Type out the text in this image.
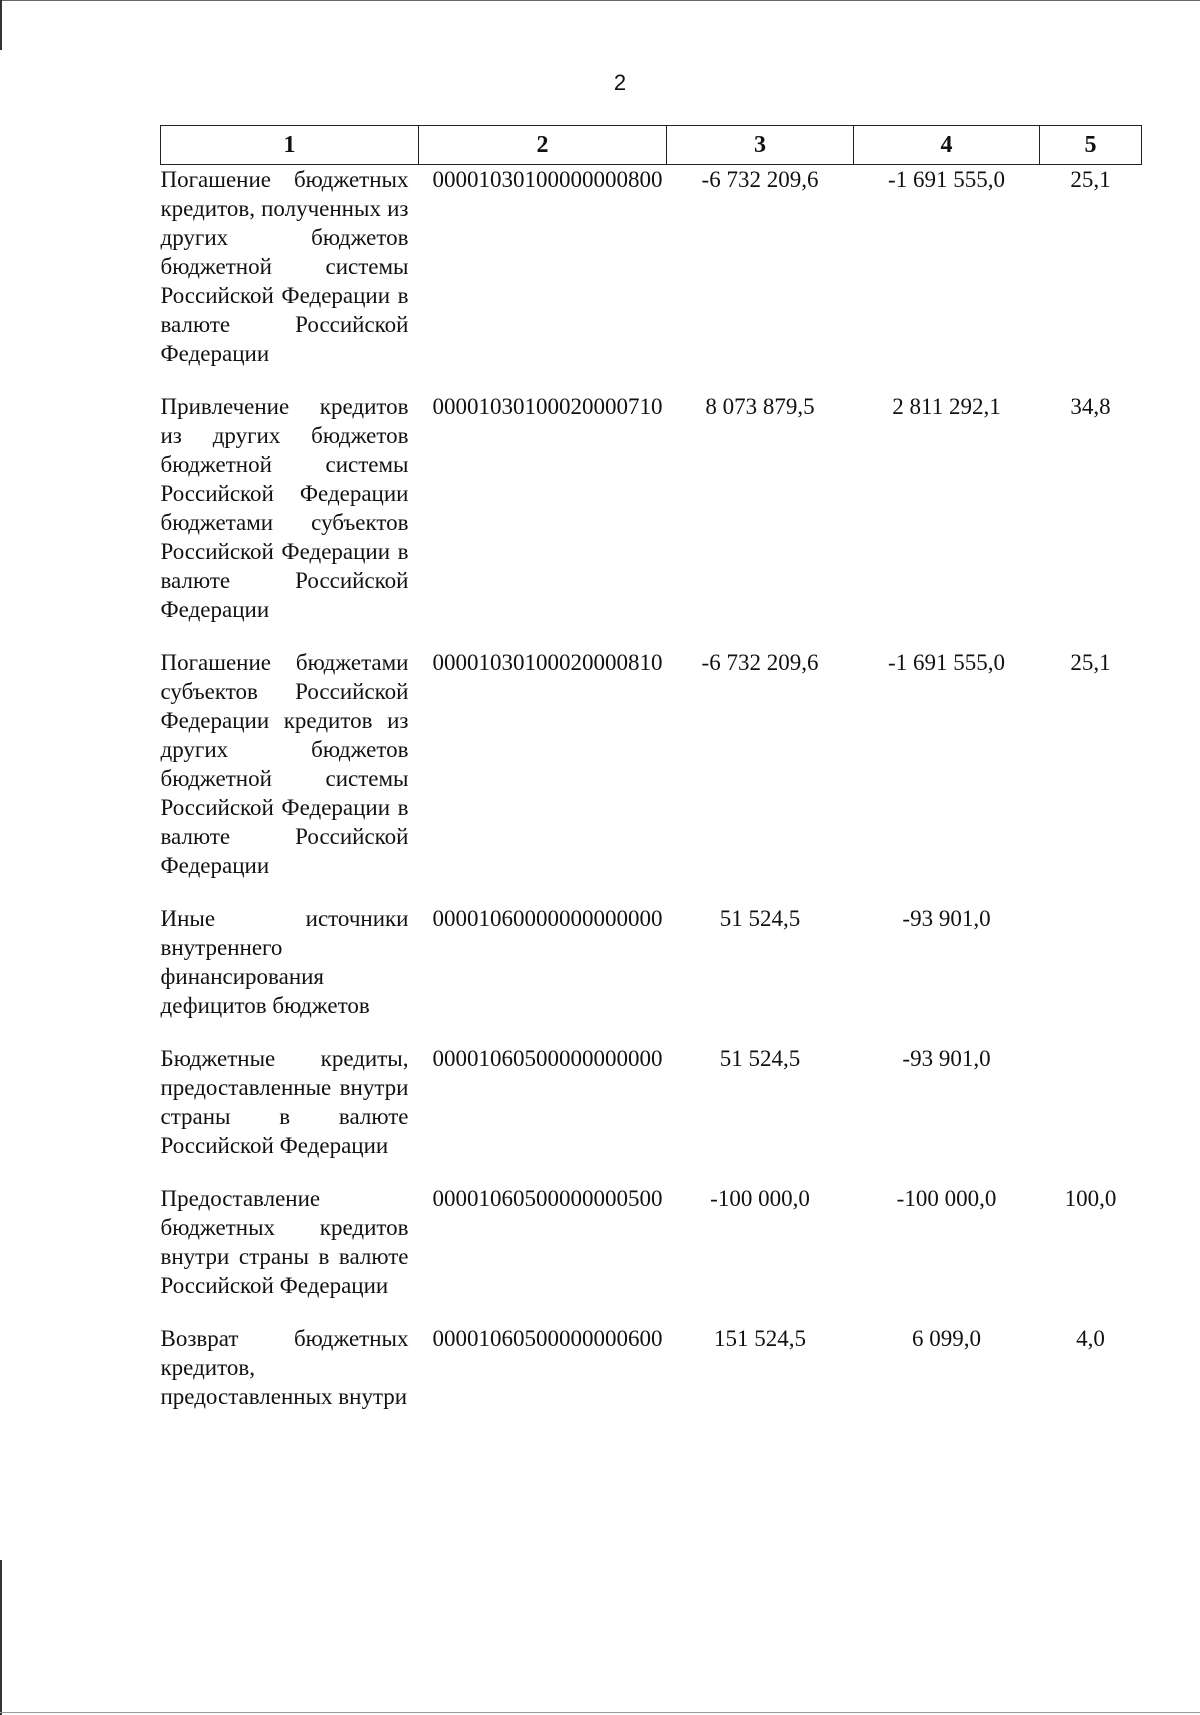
2
1	2	3	4	5
Погашение бюджетных кредитов, полученных из других бюджетов бюджетной системы Российской Федерации в валюте Российской Федерации	00001030100000000800	-6 732 209,6	-1 691 555,0	25,1

Привлечение кредитов из других бюджетов бюджетной системы Российской Федерации бюджетами субъектов Российской Федерации в валюте Российской Федерации	00001030100020000710	8 073 879,5	2 811 292,1	34,8

Погашение бюджетами субъектов Российской Федерации кредитов из других бюджетов бюджетной системы Российской Федерации в валюте Российской Федерации	00001030100020000810	-6 732 209,6	-1 691 555,0	25,1

Иные источники внутреннего финансирования дефицитов бюджетов	00001060000000000000	51 524,5	-93 901,0	

Бюджетные кредиты, предоставленные внутри страны в валюте Российской Федерации	00001060500000000000	51 524,5	-93 901,0	

Предоставление бюджетных кредитов внутри страны в валюте Российской Федерации	00001060500000000500	-100 000,0	-100 000,0	100,0

Возврат бюджетных кредитов, предоставленных внутри	00001060500000000600	151 524,5	6 099,0	4,0
